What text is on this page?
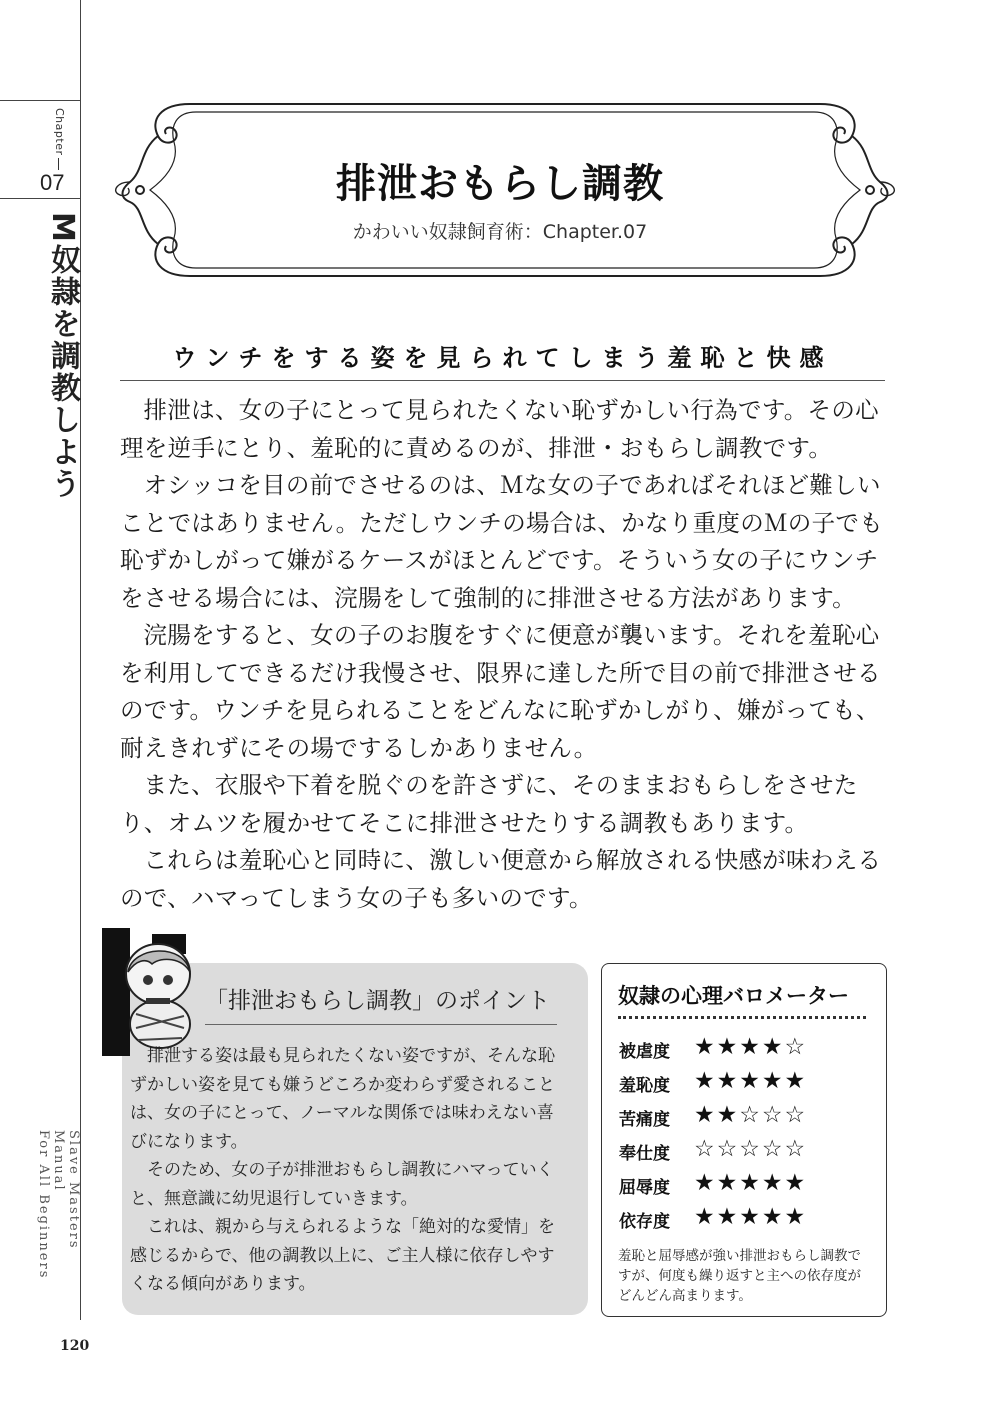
Chapter
07
M奴隷を調教しよう
Slave Masters Manual
For All Beginners
120
排泄おもらし調教
かわいい奴隷飼育術：Chapter.07
ウンチをする姿を見られてしまう羞恥と快感

排泄は、女の子にとって見られたくない恥ずかしい行為です。その心理を逆手にとり、羞恥的に責めるのが、排泄・おもらし調教です。

オシッコを目の前でさせるのは、Ｍな女の子であればそれほど難しいことではありません。ただしウンチの場合は、かなり重度のＭの子でも恥ずかしがって嫌がるケースがほとんどです。そういう女の子にウンチをさせる場合には、浣腸をして強制的に排泄させる方法があります。

浣腸をすると、女の子のお腹をすぐに便意が襲います。それを羞恥心を利用してできるだけ我慢させ、限界に達した所で目の前で排泄させるのです。ウンチを見られることをどんなに恥ずかしがり、嫌がっても、耐えきれずにその場でするしかありません。

また、衣服や下着を脱ぐのを許さずに、そのままおもらしをさせたり、オムツを履かせてそこに排泄させたりする調教もあります。

これらは羞恥心と同時に、激しい便意から解放される快感が味わえるので、ハマってしまう女の子も多いのです。

「排泄おもらし調教」のポイント

排泄する姿は最も見られたくない姿ですが、そんな恥ずかしい姿を見ても嫌うどころか変わらず愛されることは、女の子にとって、ノーマルな関係では味わえない喜びになります。

そのため、女の子が排泄おもらし調教にハマっていくと、無意識に幼児退行していきます。

これは、親から与えられるような「絶対的な愛情」を感じるからで、他の調教以上に、ご主人様に依存しやすくなる傾向があります。

奴隷の心理バロメーター
被虐度	★★★★☆
羞恥度	★★★★★
苦痛度	★★☆☆☆
奉仕度	☆☆☆☆☆
屈辱度	★★★★★
依存度	★★★★★
羞恥と屈辱感が強い排泄おもらし調教ですが、何度も繰り返すと主への依存度がどんどん高まります。
